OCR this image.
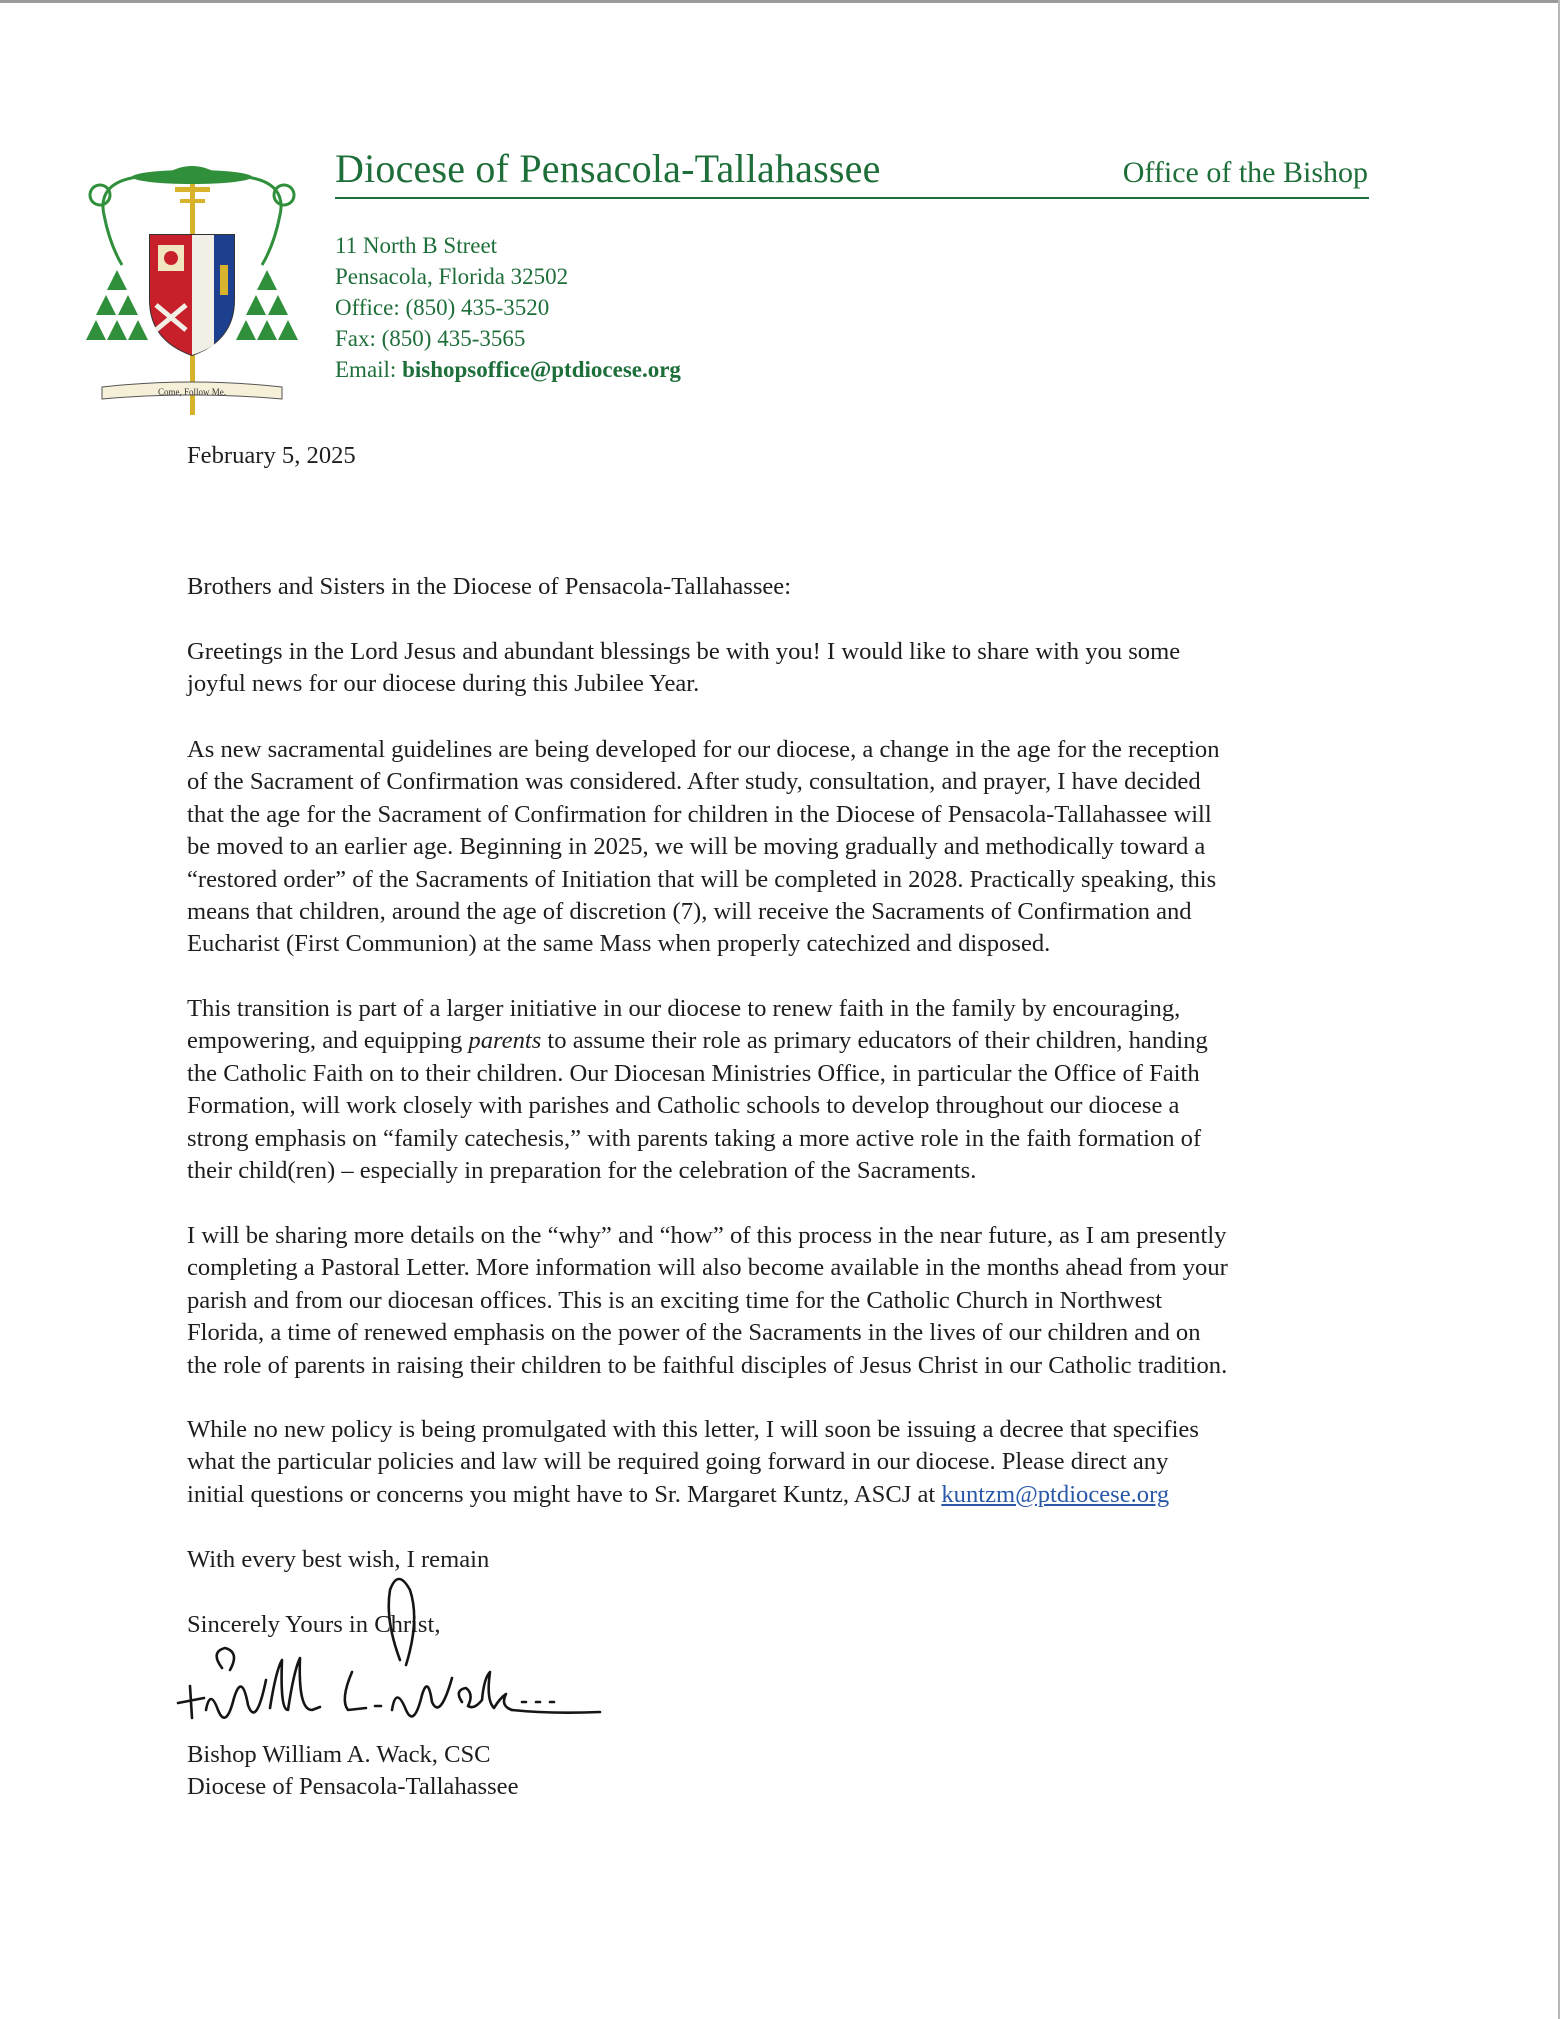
Come, Follow Me.
Diocese of Pensacola-Tallahassee	Office of the Bishop
11 North B Street
Pensacola, Florida 32502
Office: (850) 435-3520
Fax: (850) 435-3565
Email: bishopsoffice@ptdiocese.org
February 5, 2025
Brothers and Sisters in the Diocese of Pensacola-Tallahassee:
Greetings in the Lord Jesus and abundant blessings be with you! I would like to share with you some
joyful news for our diocese during this Jubilee Year.
As new sacramental guidelines are being developed for our diocese, a change in the age for the reception
of the Sacrament of Confirmation was considered. After study, consultation, and prayer, I have decided
that the age for the Sacrament of Confirmation for children in the Diocese of Pensacola-Tallahassee will
be moved to an earlier age. Beginning in 2025, we will be moving gradually and methodically toward a
“restored order” of the Sacraments of Initiation that will be completed in 2028. Practically speaking, this
means that children, around the age of discretion (7), will receive the Sacraments of Confirmation and
Eucharist (First Communion) at the same Mass when properly catechized and disposed.
This transition is part of a larger initiative in our diocese to renew faith in the family by encouraging,
empowering, and equipping parents to assume their role as primary educators of their children, handing
the Catholic Faith on to their children. Our Diocesan Ministries Office, in particular the Office of Faith
Formation, will work closely with parishes and Catholic schools to develop throughout our diocese a
strong emphasis on “family catechesis,” with parents taking a more active role in the faith formation of
their child(ren) – especially in preparation for the celebration of the Sacraments.
I will be sharing more details on the “why” and “how” of this process in the near future, as I am presently
completing a Pastoral Letter. More information will also become available in the months ahead from your
parish and from our diocesan offices. This is an exciting time for the Catholic Church in Northwest
Florida, a time of renewed emphasis on the power of the Sacraments in the lives of our children and on
the role of parents in raising their children to be faithful disciples of Jesus Christ in our Catholic tradition.
While no new policy is being promulgated with this letter, I will soon be issuing a decree that specifies
what the particular policies and law will be required going forward in our diocese. Please direct any
initial questions or concerns you might have to Sr. Margaret Kuntz, ASCJ at kuntzm@ptdiocese.org
With every best wish, I remain
Sincerely Yours in Christ,
Bishop William A. Wack, CSC
Diocese of Pensacola-Tallahassee
